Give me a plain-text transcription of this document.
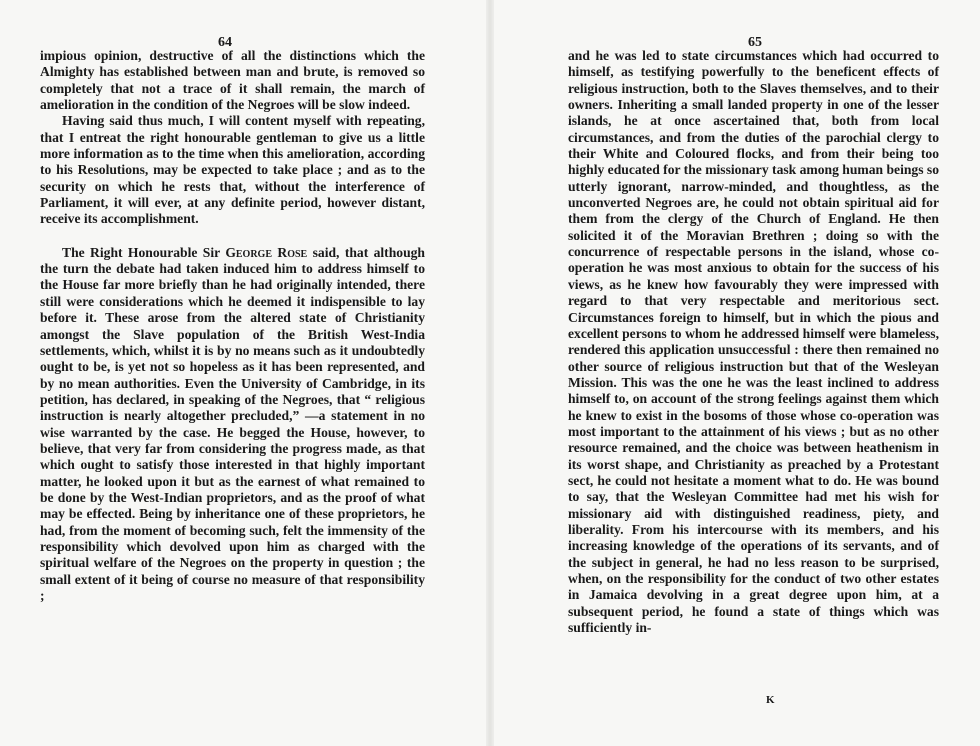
64

impious opinion, destructive of all the distinctions which the Almighty has established between man and brute, is removed so completely that not a trace of it shall remain, the march of amelioration in the condition of the Negroes will be slow indeed.

Having said thus much, I will content myself with repeating, that I entreat the right honourable gentleman to give us a little more information as to the time when this amelioration, according to his Resolutions, may be expected to take place ; and as to the security on which he rests that, without the interference of Parliament, it will ever, at any definite period, however distant, receive its accomplishment.

The Right Honourable Sir George Rose said, that although the turn the debate had taken induced him to address himself to the House far more briefly than he had originally intended, there still were considerations which he deemed it indispensible to lay before it. These arose from the altered state of Christianity amongst the Slave population of the British West-India settlements, which, whilst it is by no means such as it undoubtedly ought to be, is yet not so hopeless as it has been represented, and by no mean authorities. Even the University of Cambridge, in its petition, has declared, in speaking of the Negroes, that “ religious instruction is nearly altogether precluded,” —a statement in no wise warranted by the case. He begged the House, however, to believe, that very far from considering the progress made, as that which ought to satisfy those interested in that highly important matter, he looked upon it but as the earnest of what remained to be done by the West-Indian proprietors, and as the proof of what may be effected. Being by inheritance one of these proprietors, he had, from the moment of becoming such, felt the immensity of the responsibility which devolved upon him as charged with the spiritual welfare of the Negroes on the property in question ; the small extent of it being of course no measure of that responsibility ;

65

and he was led to state circumstances which had occurred to himself, as testifying powerfully to the beneficent effects of religious instruction, both to the Slaves themselves, and to their owners. Inheriting a small landed property in one of the lesser islands, he at once ascertained that, both from local circumstances, and from the duties of the parochial clergy to their White and Coloured flocks, and from their being too highly educated for the missionary task among human beings so utterly ignorant, narrow-minded, and thoughtless, as the unconverted Negroes are, he could not obtain spiritual aid for them from the clergy of the Church of England. He then solicited it of the Moravian Brethren ; doing so with the concurrence of respectable persons in the island, whose co-operation he was most anxious to obtain for the success of his views, as he knew how favourably they were impressed with regard to that very respectable and meritorious sect. Circumstances foreign to himself, but in which the pious and excellent persons to whom he addressed himself were blameless, rendered this application unsuccessful : there then remained no other source of religious instruction but that of the Wesleyan Mission. This was the one he was the least inclined to address himself to, on account of the strong feelings against them which he knew to exist in the bosoms of those whose co-operation was most important to the attainment of his views ; but as no other resource remained, and the choice was between heathenism in its worst shape, and Christianity as preached by a Protestant sect, he could not hesitate a moment what to do. He was bound to say, that the Wesleyan Committee had met his wish for missionary aid with distinguished readiness, piety, and liberality. From his intercourse with its members, and his increasing knowledge of the operations of its servants, and of the subject in general, he had no less reason to be surprised, when, on the responsibility for the conduct of two other estates in Jamaica devolving in a great degree upon him, at a subsequent period, he found a state of things which was sufficiently in-

K
